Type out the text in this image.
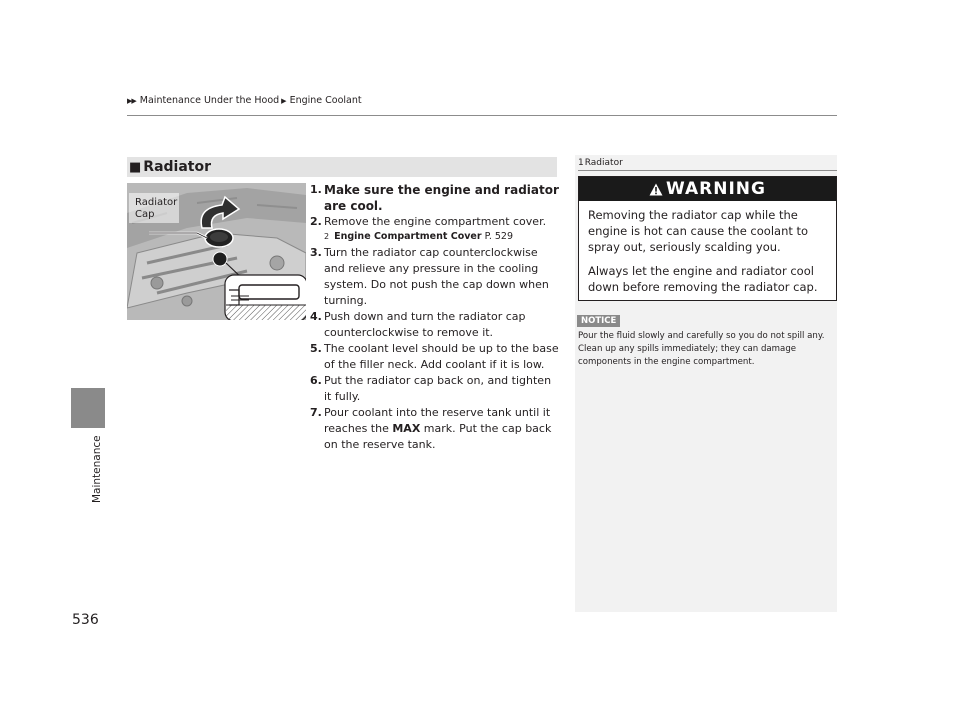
▶▶ Maintenance Under the Hood ▶ Engine Coolant
Maintenance
■ Radiator
Radiator Cap
1. Make sure the engine and radiator are cool.
2. Remove the engine compartment cover.
2 Engine Compartment Cover P. 529
3. Turn the radiator cap counterclockwise and relieve any pressure in the cooling system. Do not push the cap down when turning.
4. Push down and turn the radiator cap counterclockwise to remove it.
5. The coolant level should be up to the base of the filler neck. Add coolant if it is low.
6. Put the radiator cap back on, and tighten it fully.
7. Pour coolant into the reserve tank until it reaches the MAX mark. Put the cap back on the reserve tank.
1 Radiator
WARNING

Removing the radiator cap while the engine is hot can cause the coolant to spray out, seriously scalding you.

Always let the engine and radiator cool down before removing the radiator cap.

NOTICE

Pour the fluid slowly and carefully so you do not spill any. Clean up any spills immediately; they can damage components in the engine compartment.

536
